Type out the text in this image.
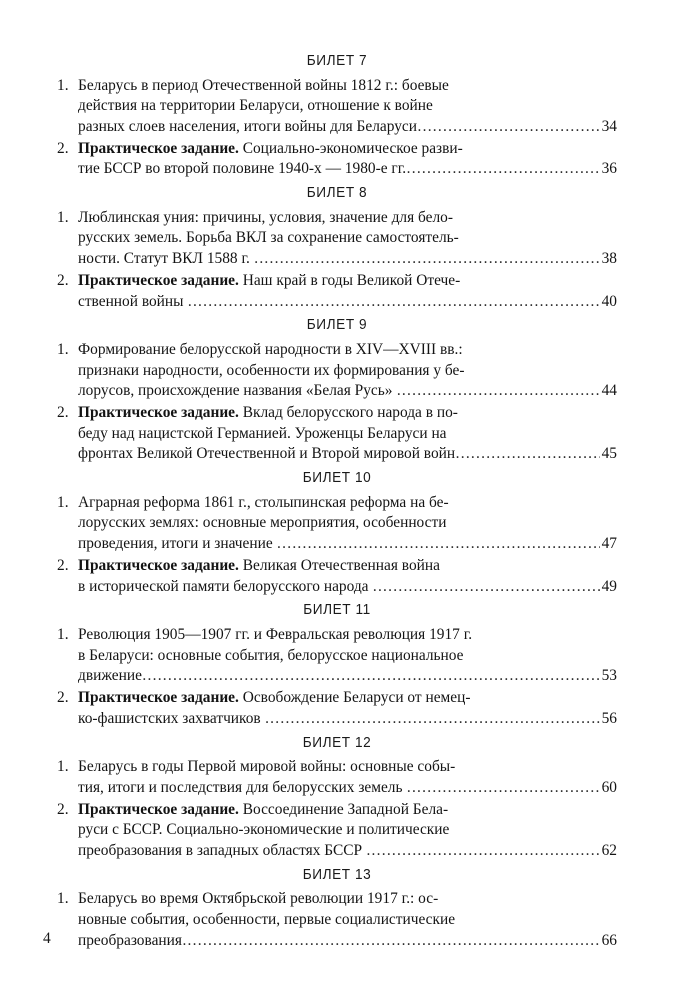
БИЛЕТ 7
1. Беларусь в период Отечественной войны 1812 г.: боевые
действия на территории Беларуси, отношение к войне
разных слоев населения, итоги войны для Беларуси .....	34
2. Практическое задание. Социально-экономическое разви-
тие БССР во второй половине 1940-х — 1980-е гг. .....	36
БИЛЕТ 8
1. Люблинская уния: причины, условия, значение для бело-
русских земель. Борьба ВКЛ за сохранение самостоятель-
ности. Статут ВКЛ 1588 г. .....	38
2. Практическое задание. Наш край в годы Великой Отече-
ственной войны .....	40
БИЛЕТ 9
1. Формирование белорусской народности в XIV—XVIII вв.:
признаки народности, особенности их формирования у бе-
лорусов, происхождение названия «Белая Русь» .....	44
2. Практическое задание. Вклад белорусского народа в по-
беду над нацистской Германией. Уроженцы Беларуси на
фронтах Великой Отечественной и Второй мировой войн .....	45
БИЛЕТ 10
1. Аграрная реформа 1861 г., столыпинская реформа на бе-
лорусских землях: основные мероприятия, особенности
проведения, итоги и значение .....	47
2. Практическое задание. Великая Отечественная война
в исторической памяти белорусского народа .....	49
БИЛЕТ 11
1. Революция 1905—1907 гг. и Февральская революция 1917 г.
в Беларуси: основные события, белорусское национальное
движение .....	53
2. Практическое задание. Освобождение Беларуси от немец-
ко-фашистских захватчиков .....	56
БИЛЕТ 12
1. Беларусь в годы Первой мировой войны: основные собы-
тия, итоги и последствия для белорусских земель .....	60
2. Практическое задание. Воссоединение Западной Бела-
руси с БССР. Социально-экономические и политические
преобразования в западных областях БССР .....	62
БИЛЕТ 13
1. Беларусь во время Октябрьской революции 1917 г.: ос-
новные события, особенности, первые социалистические
преобразования .....	66
4
